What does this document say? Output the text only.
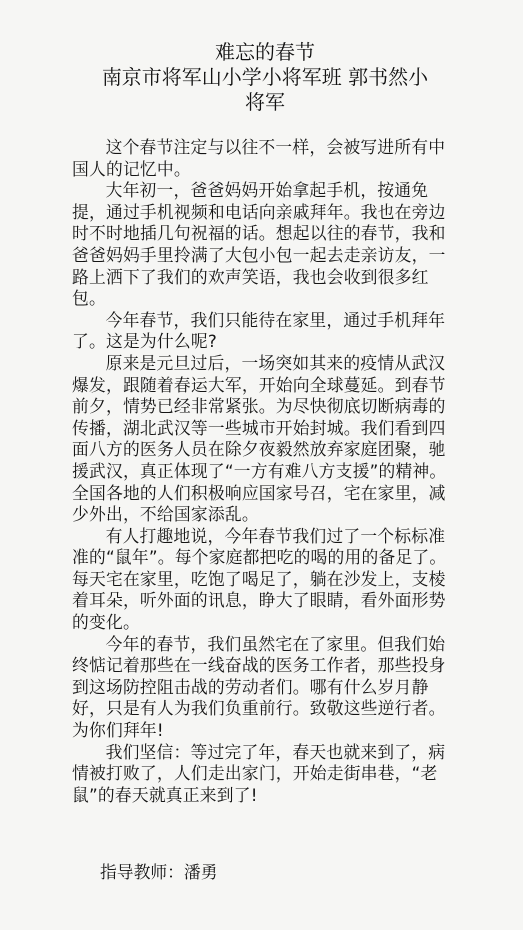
难忘的春节
南京市将军山小学小将军班 郭书然小
将军

这个春节注定与以往不一样，会被写进所有中国人的记忆中。

大年初一，爸爸妈妈开始拿起手机，按通免提，通过手机视频和电话向亲戚拜年。我也在旁边时不时地插几句祝福的话。想起以往的春节，我和爸爸妈妈手里拎满了大包小包一起去走亲访友，一路上洒下了我们的欢声笑语，我也会收到很多红包。

今年春节，我们只能待在家里，通过手机拜年了。这是为什么呢?

原来是元旦过后，一场突如其来的疫情从武汉爆发，跟随着春运大军，开始向全球蔓延。到春节前夕，情势已经非常紧张。为尽快彻底切断病毒的传播，湖北武汉等一些城市开始封城。我们看到四面八方的医务人员在除夕夜毅然放弃家庭团聚，驰援武汉，真正体现了“一方有难八方支援”的精神。全国各地的人们积极响应国家号召，宅在家里，减少外出，不给国家添乱。

有人打趣地说，今年春节我们过了一个标标准准的“鼠年”。每个家庭都把吃的喝的用的备足了。每天宅在家里，吃饱了喝足了，躺在沙发上，支棱着耳朵，听外面的讯息，睁大了眼睛，看外面形势的变化。

今年的春节，我们虽然宅在了家里。但我们始终惦记着那些在一线奋战的医务工作者，那些投身到这场防控阻击战的劳动者们。哪有什么岁月静好，只是有人为我们负重前行。致敬这些逆行者。为你们拜年!

我们坚信：等过完了年，春天也就来到了，病情被打败了，人们走出家门，开始走街串巷，“老鼠”的春天就真正来到了!

指导教师：潘勇
